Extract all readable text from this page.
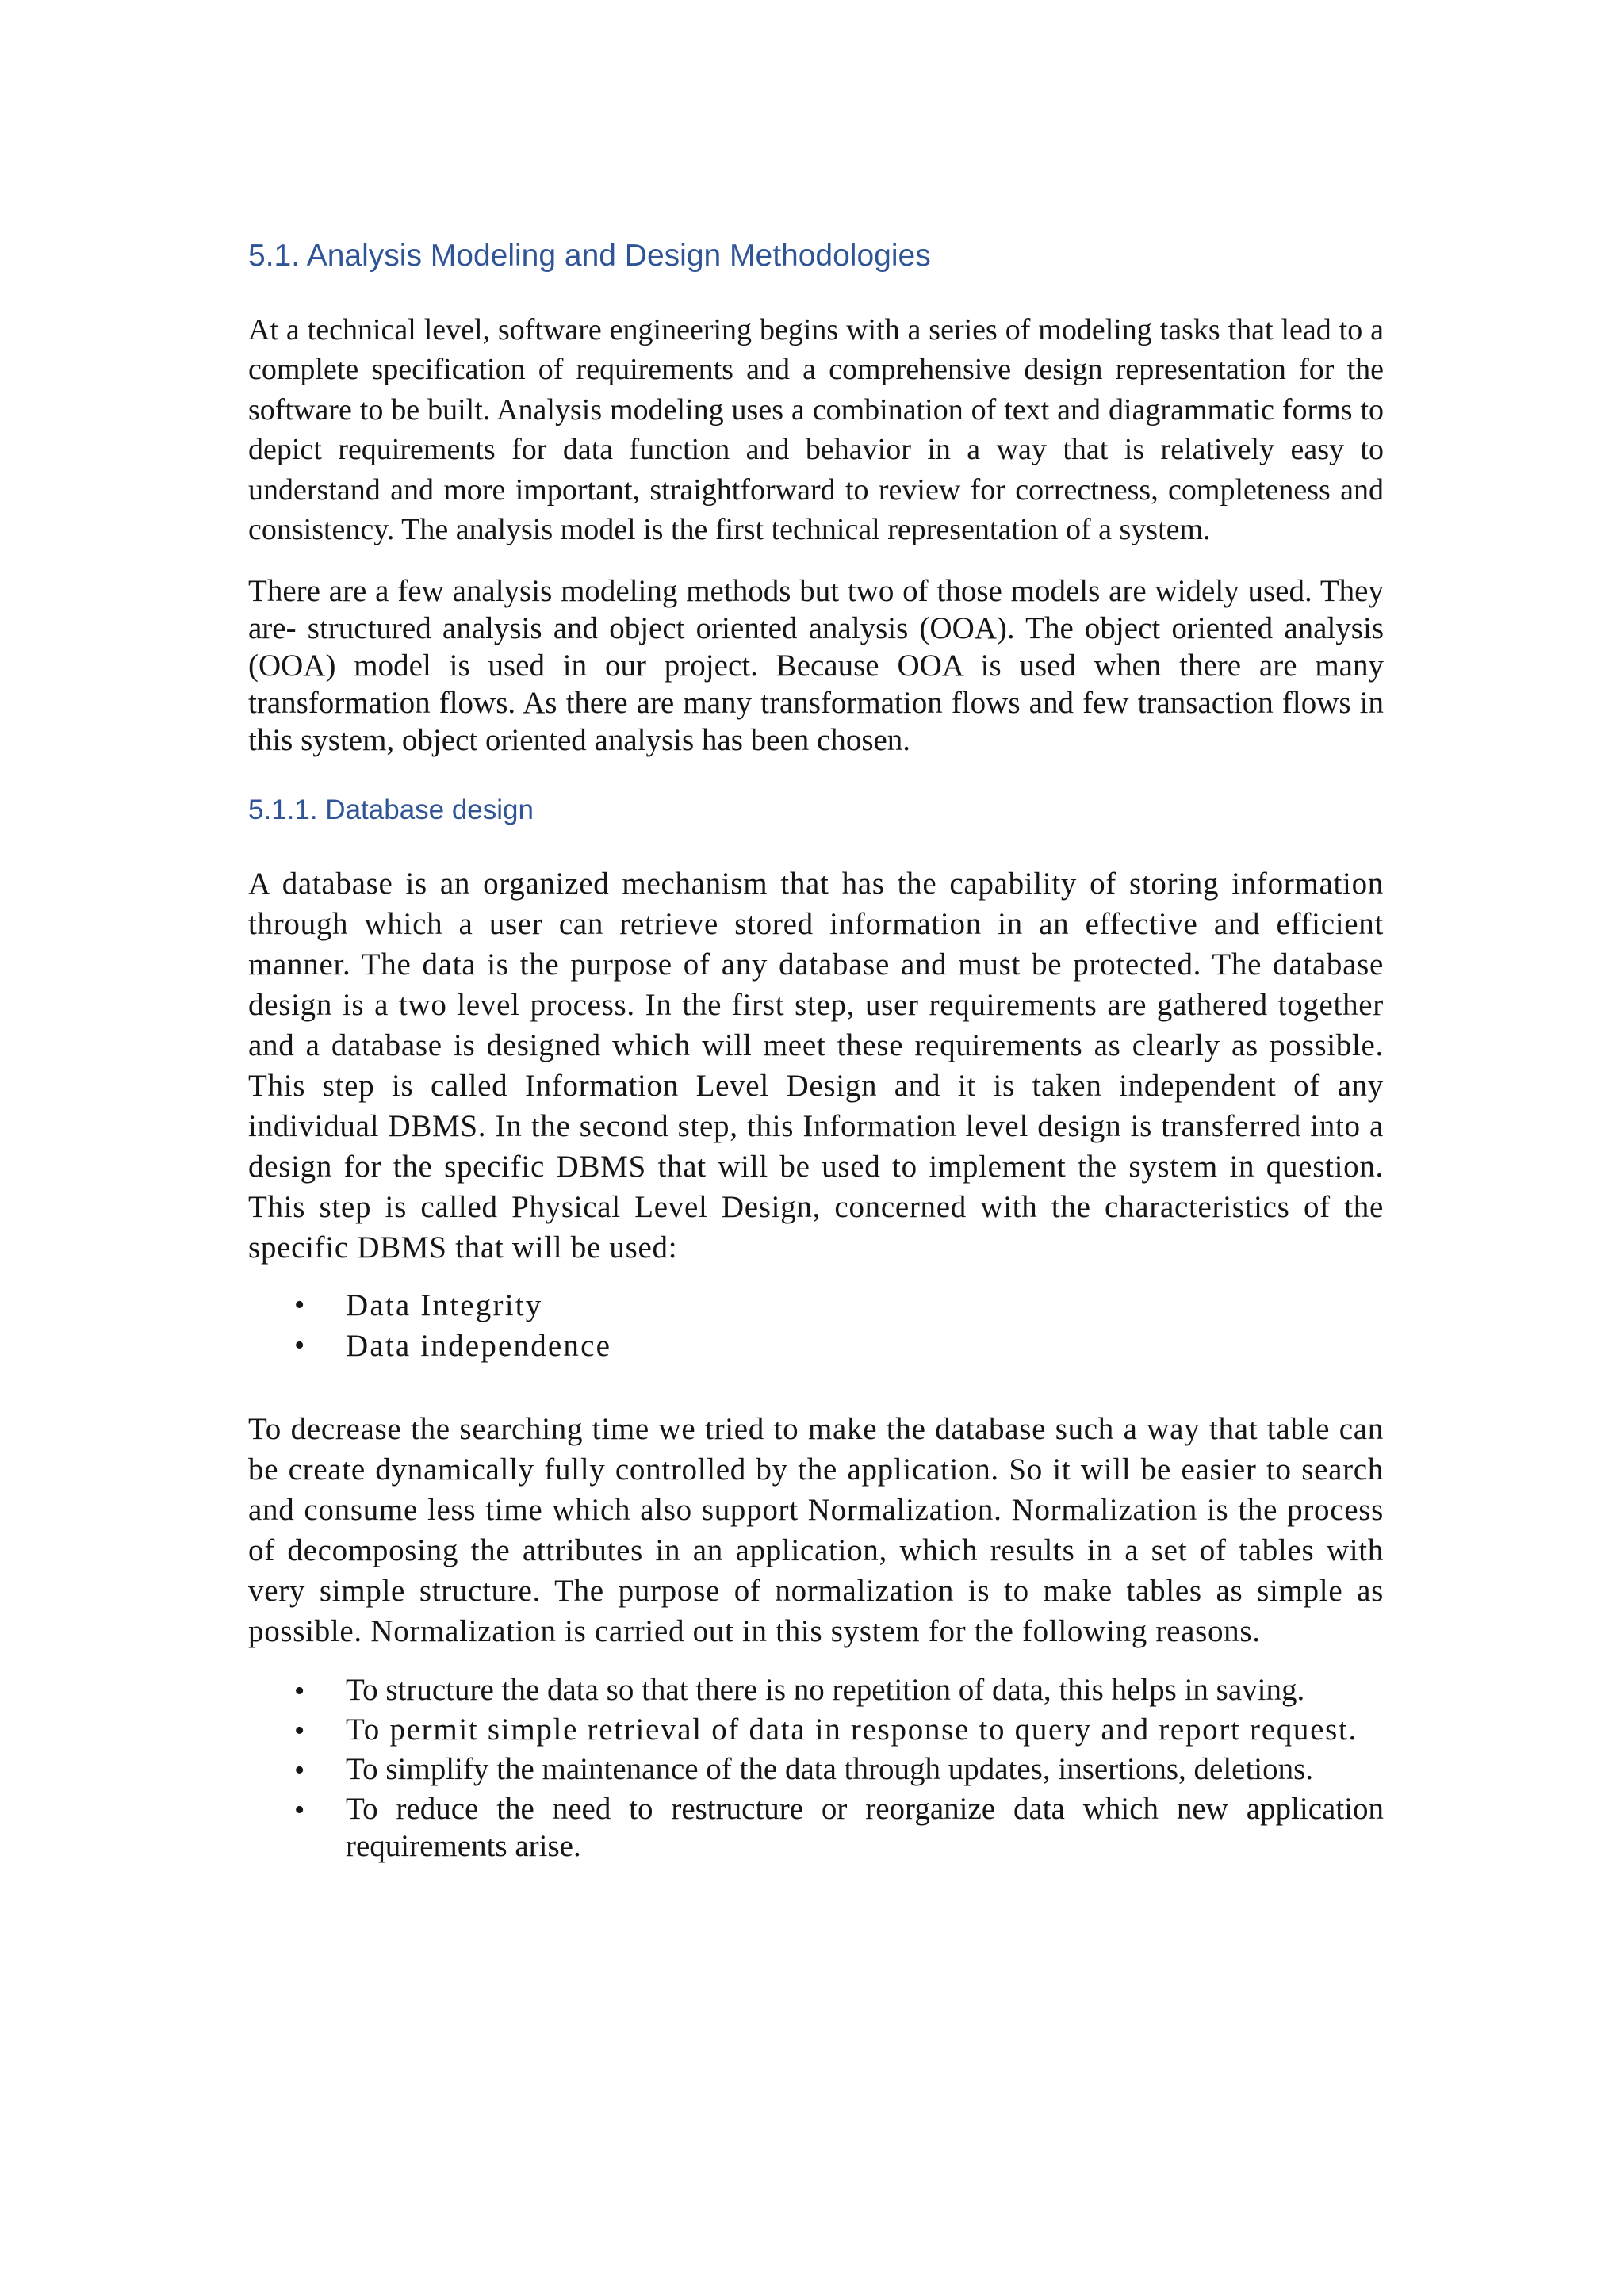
5.1. Analysis Modeling and Design Methodologies

At a technical level, software engineering begins with a series of modeling tasks that lead to a complete specification of requirements and a comprehensive design representation for the software to be built. Analysis modeling uses a combination of text and diagrammatic forms to depict requirements for data function and behavior in a way that is relatively easy to understand and more important, straightforward to review for correctness, completeness and consistency. The analysis model is the first technical representation of a system.

There are a few analysis modeling methods but two of those models are widely used. They are- structured analysis and object oriented analysis (OOA). The object oriented analysis (OOA) model is used in our project. Because OOA is used when there are many transformation flows. As there are many transformation flows and few transaction flows in this system, object oriented analysis has been chosen.

5.1.1. Database design

A database is an organized mechanism that has the capability of storing information through which a user can retrieve stored information in an effective and efficient manner. The data is the purpose of any database and must be protected. The database design is a two level process. In the first step, user requirements are gathered together and a database is designed which will meet these requirements as clearly as possible. This step is called Information Level Design and it is taken independent of any individual DBMS. In the second step, this Information level design is transferred into a design for the specific DBMS that will be used to implement the system in question. This step is called Physical Level Design, concerned with the characteristics of the specific DBMS that will be used:

•	Data Integrity
•	Data independence

To decrease the searching time we tried to make the database such a way that table can be create dynamically fully controlled by the application. So it will be easier to search and consume less time which also support Normalization. Normalization is the process of decomposing the attributes in an application, which results in a set of tables with very simple structure. The purpose of normalization is to make tables as simple as possible. Normalization is carried out in this system for the following reasons.

•	To structure the data so that there is no repetition of data, this helps in saving.
•	To permit simple retrieval of data in response to query and report request.
•	To simplify the maintenance of the data through updates, insertions, deletions.
•	To reduce the need to restructure or reorganize data which new application requirements arise.
